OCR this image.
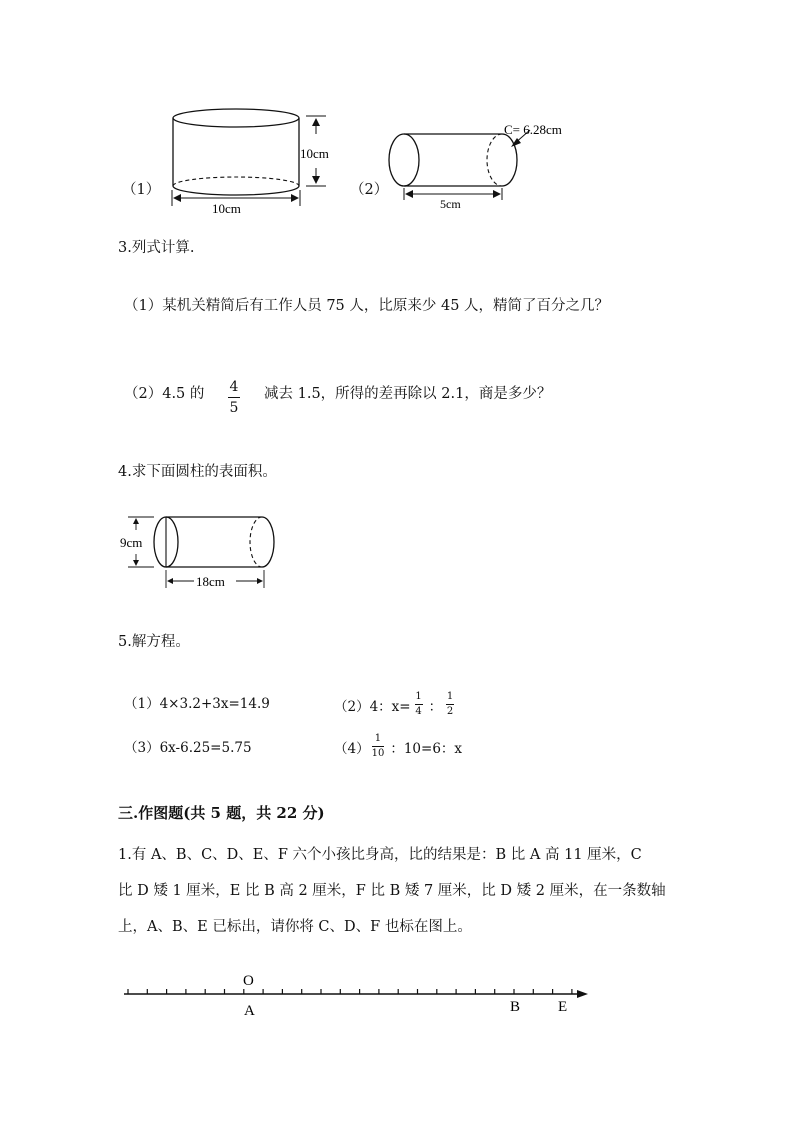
（1）
10cm
10cm
（2）
C= 6.28cm
5cm
3.列式计算.
（1）某机关精简后有工作人员 75 人，比原来少 45 人，精简了百分之几？
（2）4.5 的 $\frac{4}{5}$ 减去 1.5，所得的差再除以 2.1，商是多少？
4.求下面圆柱的表面积。
9cm
18cm
5.解方程。
（1）4×3.2+3x=14.9	（2）4：$x= \frac{1}{4}$ ： $\frac{1}{2}$
（3）6x-6.25=5.75	$(4) \frac{1}{10}$ ：10=6：x
三.作图题(共 5 题，共 22 分)
1.有 A、B、C、D、E、F 六个小孩比身高，比的结果是：B 比 A 高 11 厘米，C
比 D 矮 1 厘米，E 比 B 高 2 厘米，F 比 B 矮 7 厘米，比 D 矮 2 厘米，在一条数轴
上，A、B、E 已标出，请你将 C、D、F 也标在图上。
O
A	B	E
